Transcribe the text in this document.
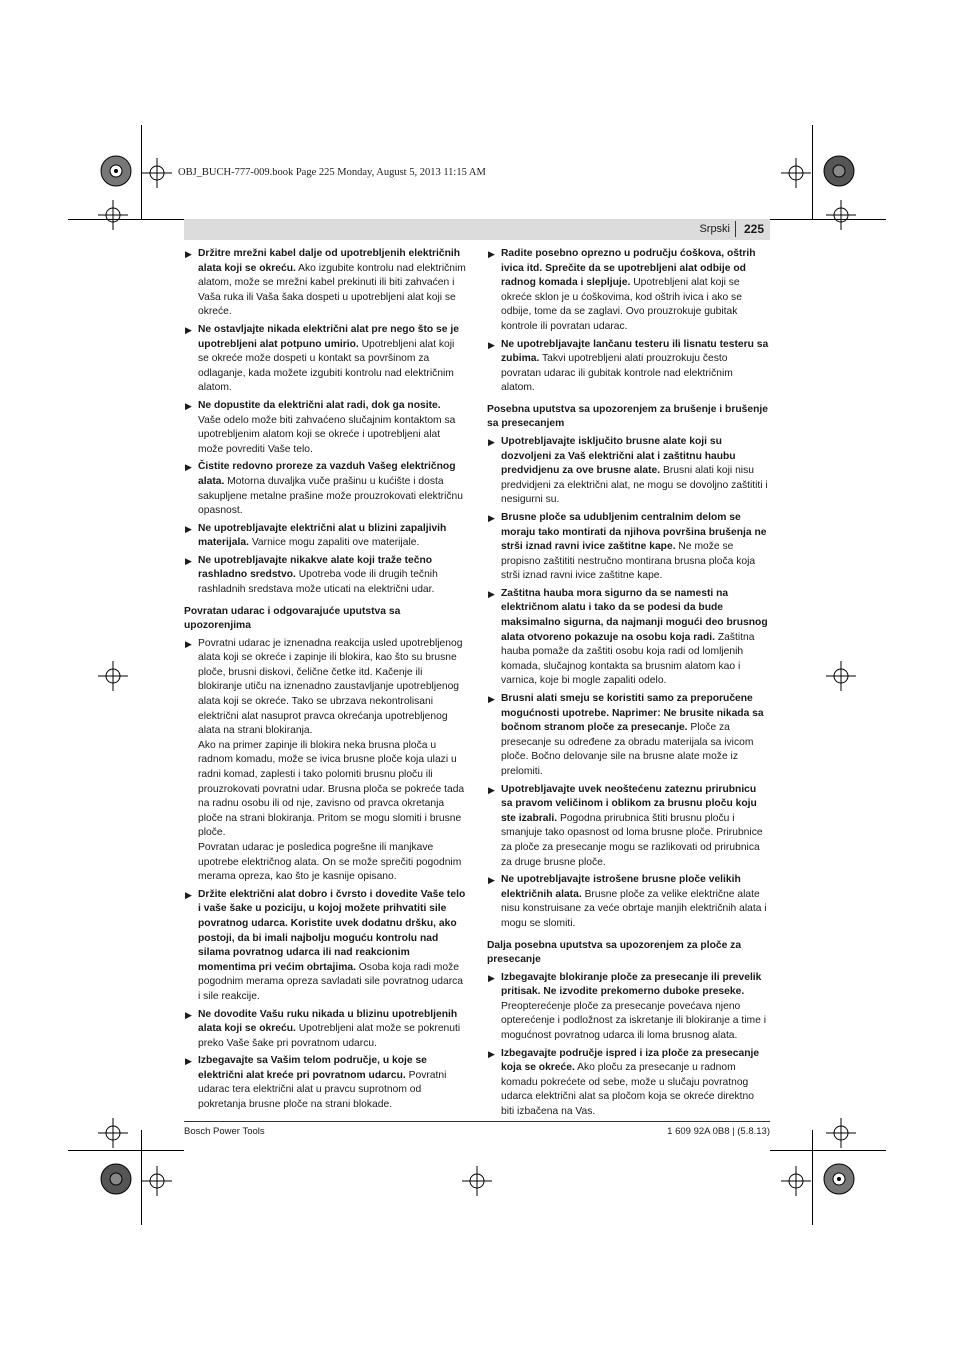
OBJ_BUCH-777-009.book Page 225 Monday, August 5, 2013 11:15 AM
Srpski 225
▶ Držitre mrežni kabel dalje od upotrebljenih električnih alata koji se okreću. Ako izgubite kontrolu nad električnim alatom, može se mrežni kabel prekinuti ili biti zahvaćen i Vaša ruka ili Vaša šaka dospeti u upotrebljeni alat koji se okreće.

▶ Ne ostavljajte nikada električni alat pre nego što se je upotrebljeni alat potpuno umirio. Upotrebljeni alat koji se okreće može dospeti u kontakt sa površinom za odlaganje, kada možete izgubiti kontrolu nad električnim alatom.

▶ Ne dopustite da električni alat radi, dok ga nosite. Vaše odelo može biti zahvaćeno slučajnim kontaktom sa upotrebljenim alatom koji se okreće i upotrebljeni alat može povrediti Vaše telo.

▶ Čistite redovno proreze za vazduh Vašeg električnog alata. Motorna duvaljka vuče prašinu u kućište i dosta sakupljene metalne prašine može prouzrokovati električnu opasnost.

▶ Ne upotrebljavajte električni alat u blizini zapaljivih materijala. Varnice mogu zapaliti ove materijale.

▶ Ne upotrebljavajte nikakve alate koji traže tečno rashladno sredstvo. Upotreba vode ili drugih tečnih rashladnih sredstava može uticati na električni udar.

Povratan udarac i odgovarajuće uputstva sa upozorenjima
▶ Povratni udarac je iznenadna reakcija usled upotrebljenog alata koji se okreće i zapinje ili blokira, kao što su brusne ploče, brusni diskovi, čelične četke itd. Kačenje ili blokiranje utiču na iznenadno zaustavljanje upotrebljenog alata koji se okreće. Tako se ubrzava nekontrolisani električni alat nasuprot pravca okrećanja upotrebljenog alata na strani blokiranja.

Ako na primer zapinje ili blokira neka brusna ploča u radnom komadu, može se ivica brusne ploče koja ulazi u radni komad, zaplesti i tako polomiti brusnu ploču ili prouzrokovati povratni udar. Brusna ploča se pokreće tada na radnu osobu ili od nje, zavisno od pravca okretanja ploče na strani blokiranja. Pritom se mogu slomiti i brusne ploče.

Povratan udarac je posledica pogrešne ili manjkave upotrebe električnog alata. On se može sprečiti pogodnim merama opreza, kao što je kasnije opisano.

▶ Držite električni alat dobro i čvrsto i dovedite Vaše telo i vaše šake u poziciju, u kojoj možete prihvatiti sile povratnog udarca. Koristite uvek dodatnu dršku, ako postoji, da bi imali najbolju moguću kontrolu nad silama povratnog udarca ili nad reakcionim momentima pri većim obrtajima. Osoba koja radi može pogodnim merama opreza savladati sile povratnog udarca i sile reakcije.

▶ Ne dovodite Vašu ruku nikada u blizinu upotrebljenih alata koji se okreću. Upotrebljeni alat može se pokrenuti preko Vaše šake pri povratnom udarcu.

▶ Izbegavajte sa Vašim telom područje, u koje se električni alat kreće pri povratnom udarcu. Povratni udarac tera električni alat u pravcu suprotnom od pokretanja brusne ploče na strani blokade.

▶ Radite posebno oprezno u području ćoškova, oštrih ivica itd. Sprečite da se upotrebljeni alat odbije od radnog komada i slepljuje. Upotrebljeni alat koji se okreće sklon je u ćoškovima, kod oštrih ivica i ako se odbije, tome da se zaglavi. Ovo prouzrokuje gubitak kontrole ili povratan udarac.

▶ Ne upotrebljavajte lančanu testeru ili lisnatu testeru sa zubima. Takvi upotrebljeni alati prouzrokuju često povratan udarac ili gubitak kontrole nad električnim alatom.

Posebna uputstva sa upozorenjem za brušenje i brušenje sa presecanjem
▶ Upotrebljavajte isključito brusne alate koji su dozvoljeni za Vaš električni alat i zaštitnu haubu predvidjenu za ove brusne alate. Brusni alati koji nisu predvidjeni za električni alat, ne mogu se dovoljno zaštititi i nesigurni su.

▶ Brusne ploče sa udubljenim centralnim delom se moraju tako montirati da njihova površina brušenja ne strši iznad ravni ivice zaštitne kape. Ne može se propisno zaštititi nestručno montirana brusna ploča koja strši iznad ravni ivice zaštitne kape.

▶ Zaštitna hauba mora sigurno da se namesti na električnom alatu i tako da se podesi da bude maksimalno sigurna, da najmanji mogući deo brusnog alata otvoreno pokazuje na osobu koja radi. Zaštitna hauba pomaže da zaštiti osobu koja radi od lomljenih komada, slučajnog kontakta sa brusnim alatom kao i varnica, koje bi mogle zapaliti odelo.

▶ Brusni alati smeju se koristiti samo za preporučene mogućnosti upotrebe. Naprimer: Ne brusite nikada sa bočnom stranom ploče za presecanje. Ploče za presecanje su određene za obradu materijala sa ivicom ploče. Bočno delovanje sile na brusne alate može iz prelomiti.

▶ Upotrebljavajte uvek neoštećenu zateznu prirubnicu sa pravom veličinom i oblikom za brusnu ploču koju ste izabrali. Pogodna prirubnica štiti brusnu ploču i smanjuje tako opasnost od loma brusne ploče. Prirubnice za ploče za presecanje mogu se razlikovati od prirubnica za druge brusne ploče.

▶ Ne upotrebljavajte istrošene brusne ploče velikih električnih alata. Brusne ploče za velike električne alate nisu konstruisane za veće obrtaje manjih električnih alata i mogu se slomiti.

Dalja posebna uputstva sa upozorenjem za ploče za presecanje
▶ Izbegavajte blokiranje ploče za presecanje ili prevelik pritisak. Ne izvodite prekomerno duboke preseke. Preopterećenje ploče za presecanje povećava njeno opterećenje i podložnost za iskretanje ili blokiranje a time i mogućnost povratnog udarca ili loma brusnog alata.

▶ Izbegavajte područje ispred i iza ploče za presecanje koja se okreće. Ako ploču za presecanje u radnom komadu pokrećete od sebe, može u slučaju povratnog udarca električni alat sa pločom koja se okreće direktno biti izbačena na Vas.

Bosch Power Tools	1 609 92A 0B8 | (5.8.13)
